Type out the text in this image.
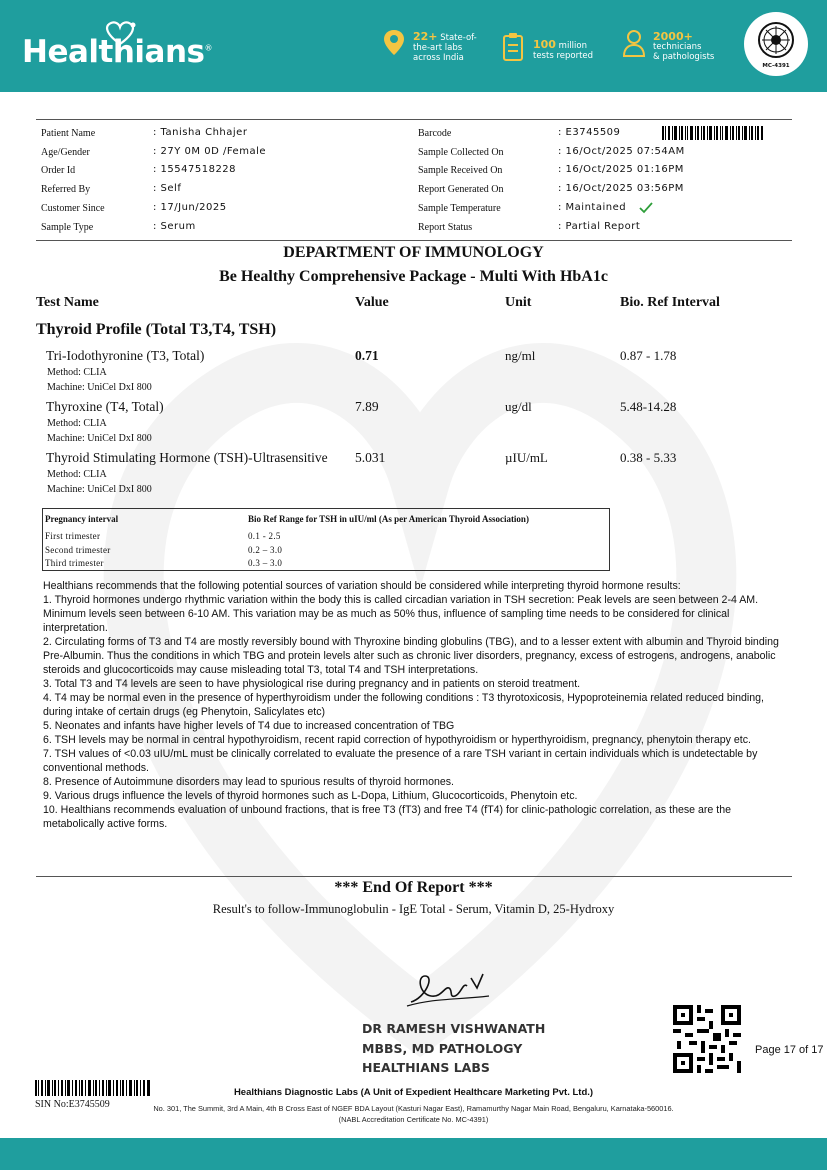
Healthians®
22+ State-of-
the-art labs
across India
100 million
tests reported
2000+
technicians
& pathologists
MC-4391
Patient Name	: Tanisha Chhajer
Age/Gender	: 27Y 0M 0D /Female
Order Id	: 15547518228
Referred By	: Self
Customer Since	: 17/Jun/2025
Sample Type	: Serum
Barcode	: E3745509
Sample Collected On	: 16/Oct/2025 07:54AM
Sample Received On	: 16/Oct/2025 01:16PM
Report Generated On	: 16/Oct/2025 03:56PM
Sample Temperature	: Maintained
Report Status	: Partial Report
DEPARTMENT OF IMMUNOLOGY
Be Healthy Comprehensive Package - Multi With HbA1c
Test Name	Value	Unit	Bio. Ref Interval
Thyroid Profile (Total T3,T4, TSH)
Tri-Iodothyronine (T3, Total)
Method: CLIA
Machine: UniCel DxI 800
0.71	ng/ml	0.87 - 1.78
Thyroxine (T4, Total)
Method: CLIA
Machine: UniCel DxI 800
7.89	ug/dl	5.48-14.28
Thyroid Stimulating Hormone (TSH)-Ultrasensitive
Method: CLIA
Machine: UniCel DxI 800
5.031	µIU/mL	0.38 - 5.33
Pregnancy interval	Bio Ref Range for TSH in uIU/ml (As per American Thyroid Association)
First trimester	0.1 - 2.5
Second trimester	0.2 – 3.0
Third trimester	0.3 – 3.0

Healthians recommends that the following potential sources of variation should be considered while interpreting thyroid hormone results:

1. Thyroid hormones undergo rhythmic variation within the body this is called circadian variation in TSH secretion: Peak levels are seen between 2-4 AM. Minimum levels seen between 6-10 AM. This variation may be as much as 50% thus, influence of sampling time needs to be considered for clinical interpretation.

2. Circulating forms of T3 and T4 are mostly reversibly bound with Thyroxine binding globulins (TBG), and to a lesser extent with albumin and Thyroid binding Pre-Albumin. Thus the conditions in which TBG and protein levels alter such as chronic liver disorders, pregnancy, excess of estrogens, androgens, anabolic steroids and glucocorticoids may cause misleading total T3, total T4 and TSH interpretations.

3. Total T3 and T4 levels are seen to have physiological rise during pregnancy and in patients on steroid treatment.

4. T4 may be normal even in the presence of hyperthyroidism under the following conditions : T3 thyrotoxicosis, Hypoproteinemia related reduced binding, during intake of certain drugs (eg Phenytoin, Salicylates etc)

5. Neonates and infants have higher levels of T4 due to increased concentration of TBG

6. TSH levels may be normal in central hypothyroidism, recent rapid correction of hypothyroidism or hyperthyroidism, pregnancy, phenytoin therapy etc.

7. TSH values of <0.03 uIU/mL must be clinically correlated to evaluate the presence of a rare TSH variant in certain individuals which is undetectable by conventional methods.

8. Presence of Autoimmune disorders may lead to spurious results of thyroid hormones.

9. Various drugs influence the levels of thyroid hormones such as L-Dopa, Lithium, Glucocorticoids, Phenytoin etc.

10. Healthians recommends evaluation of unbound fractions, that is free T3 (fT3) and free T4 (fT4) for clinic-pathologic correlation, as these are the metabolically active forms.

*** End Of Report ***
Result's to follow-Immunoglobulin - IgE Total - Serum, Vitamin D, 25-Hydroxy
DR RAMESH VISHWANATH
MBBS, MD PATHOLOGY
HEALTHIANS LABS
Page 17 of 17
SIN No:E3745509
Healthians Diagnostic Labs (A Unit of Expedient Healthcare Marketing Pvt. Ltd.)
No. 301, The Summit, 3rd A Main, 4th B Cross East of NGEF BDA Layout (Kasturi Nagar East), Ramamurthy Nagar Main Road, Bengaluru, Karnataka-560016.
(NABL Accreditation Certificate No. MC-4391)
